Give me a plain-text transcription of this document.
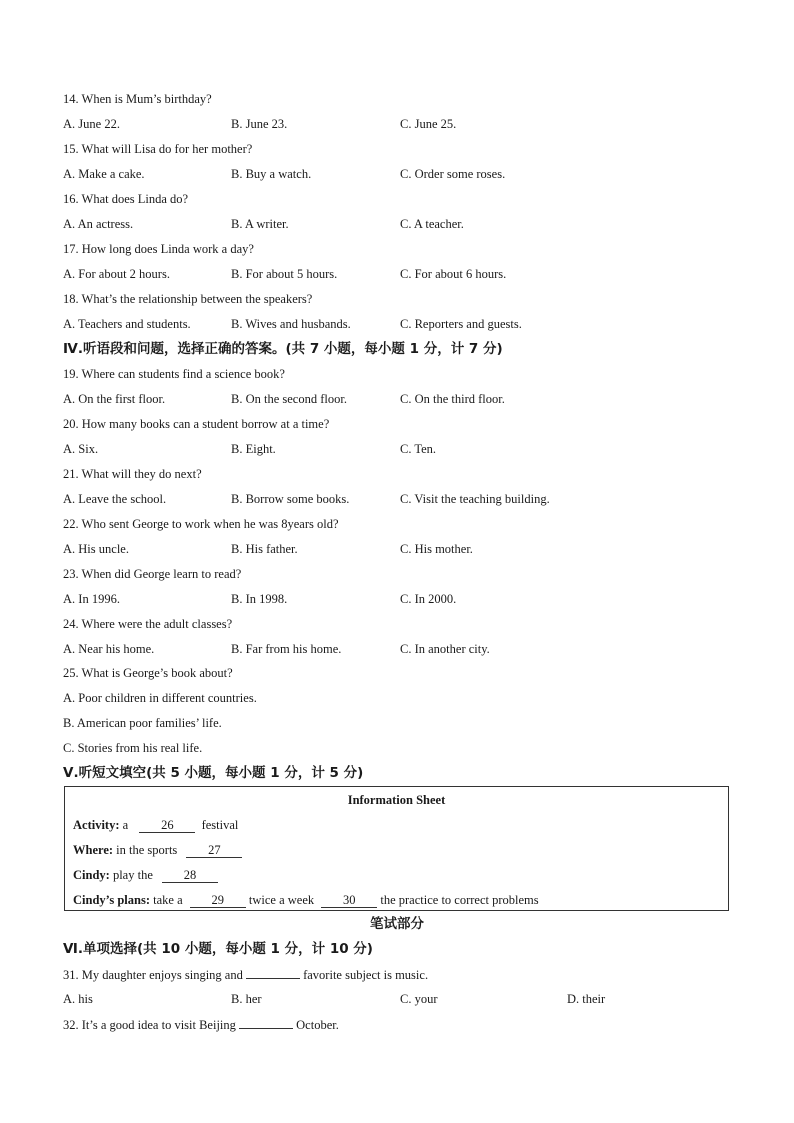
14. When is Mum’s birthday?
A. June 22.	B. June 23.	C. June 25.
15. What will Lisa do for her mother?
A. Make a cake.	B. Buy a watch.	C. Order some roses.
16. What does Linda do?
A. An actress.	B. A writer.	C. A teacher.
17. How long does Linda work a day?
A. For about 2 hours.	B. For about 5 hours.	C. For about 6 hours.
18. What’s the relationship between the speakers?
A. Teachers and students.	B. Wives and husbands.	C. Reporters and guests.
Ⅳ.听语段和问题，选择正确的答案。(共 7 小题，每小题 1 分，计 7 分)
19. Where can students find a science book?
A. On the first floor.	B. On the second floor.	C. On the third floor.
20. How many books can a student borrow at a time?
A. Six.	B. Eight.	C. Ten.
21. What will they do next?
A. Leave the school.	B. Borrow some books.	C. Visit the teaching building.
22. Who sent George to work when he was 8years old?
A. His uncle.	B. His father.	C. His mother.
23. When did George learn to read?
A. In 1996.	B. In 1998.	C. In 2000.
24. Where were the adult classes?
A. Near his home.	B. Far from his home.	C. In another city.
25. What is George’s book about?
A. Poor children in different countries.
B. American poor families’ life.
C. Stories from his real life.
Ⅴ.听短文填空(共 5 小题，每小题 1 分，计 5 分)
Information Sheet
Activity: a 26 festival
Where: in the sports 27
Cindy: play the 28
Cindy’s plans: take a 29 twice a week 30 the practice to correct problems
笔试部分
Ⅵ.单项选择(共 10 小题，每小题 1 分，计 10 分)
31. My daughter enjoys singing and	favorite subject is music.
A. his	B. her	C. your	D. their
32. It’s a good idea to visit Beijing	October.
